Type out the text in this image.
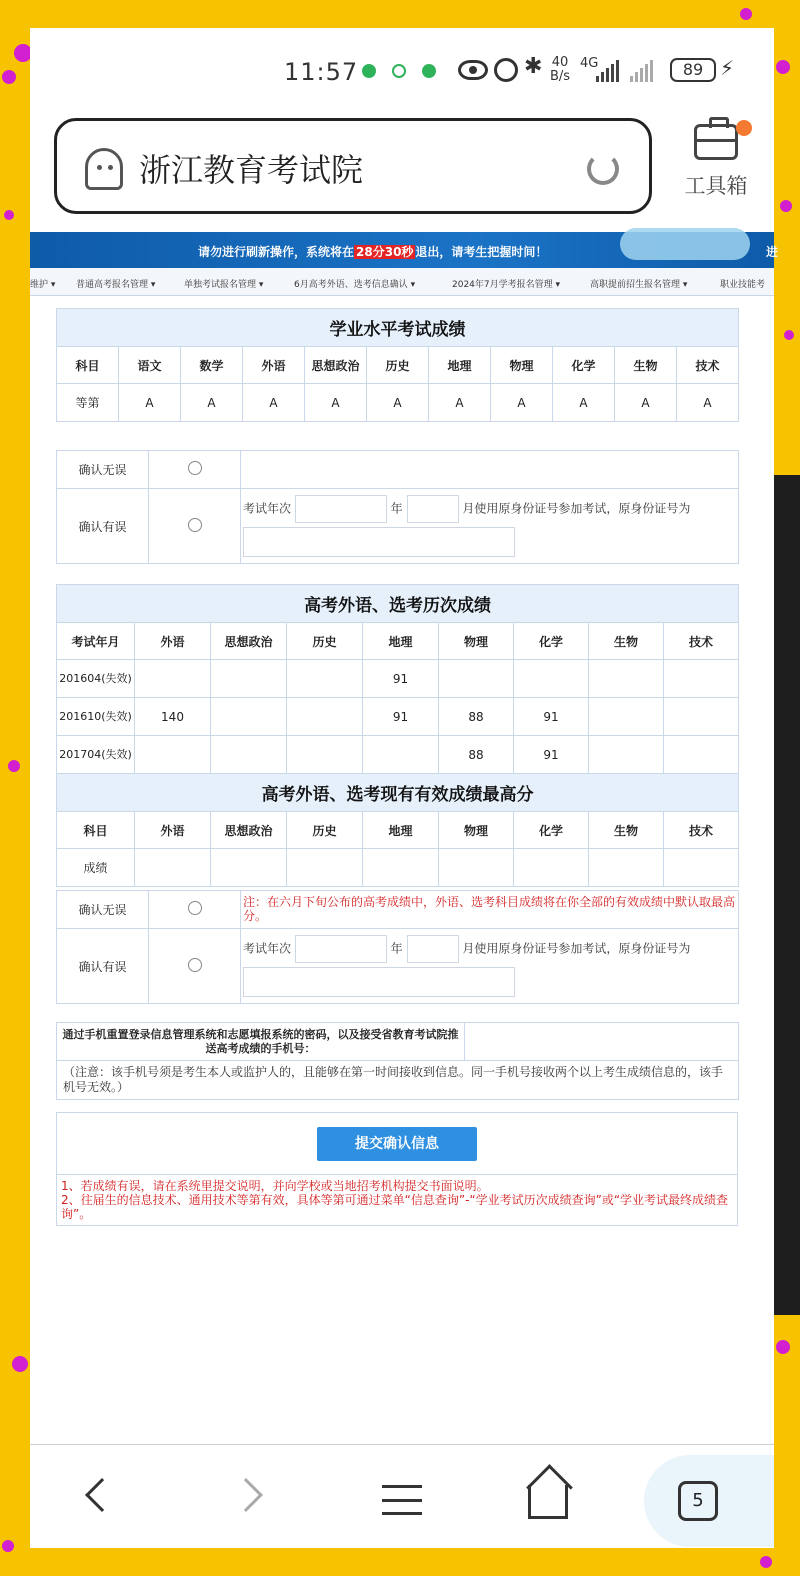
11:57	✱ 40
B/s
4G	89 ⚡
浙江教育考试院	工具箱
请勿进行刷新操作，系统将在 28分30秒 退出，请考生把握时间！	进
维护 ▾ 普通高考报名管理 ▾	单独考试报名管理 ▾	6月高考外语、选考信息确认 ▾	2024年7月学考报名管理 ▾	高职提前招生报名管理 ▾	职业技能考
学业水平考试成绩										
科目	语文	数学	外语	思想政治	历史	地理	物理	化学	生物	技术
等第	A	A	A	A	A	A	A	A	A	A
确认无误		
确认有误		考试年次 年 月使用原身份证号参加考试，原身份证号为
高考外语、选考历次成绩								
考试年月	外语	思想政治	历史	地理	物理	化学	生物	技术
201604(失效)				91				
201610(失效)	140			91	88	91		
201704(失效)					88	91		
高考外语、选考现有有效成绩最高分								
科目	外语	思想政治	历史	地理	物理	化学	生物	技术
成绩								
确认无误		注：在六月下旬公布的高考成绩中，外语、选考科目成绩将在你全部的有效成绩中默认取最高分。
确认有误		考试年次 年 月使用原身份证号参加考试，原身份证号为
通过手机重置登录信息管理系统和志愿填报系统的密码，以及接受省教育考试院推送高考成绩的手机号：	
（注意：该手机号须是考生本人或监护人的，且能够在第一时间接收到信息。同一手机号接收两个以上考生成绩信息的，该手机号无效。）
提交确认信息

1、若成绩有误，请在系统里提交说明，并向学校或当地招考机构提交书面说明。
2、往届生的信息技术、通用技术等第有效，具体等第可通过菜单“信息查询”-“学业考试历次成绩查询”或“学业考试最终成绩查询”。
5
